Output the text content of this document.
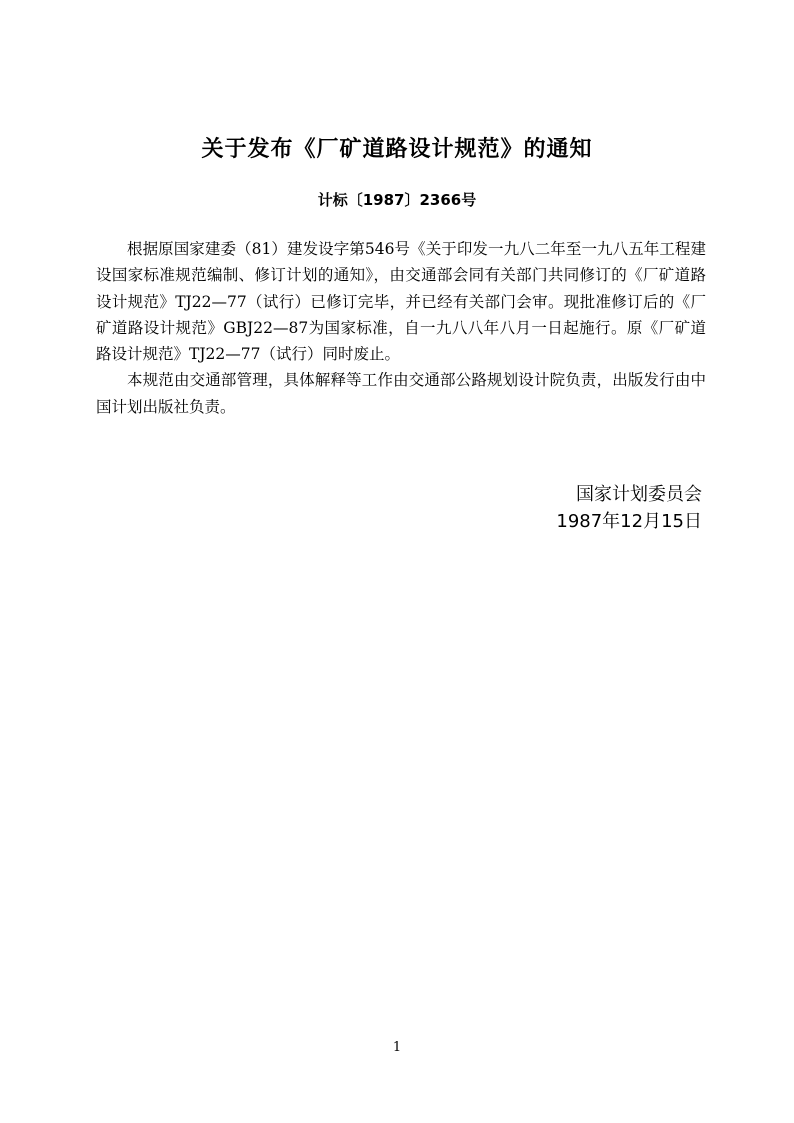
关于发布《厂矿道路设计规范》的通知
计标〔1987〕2366号

根据原国家建委（81）建发设字第546号《关于印发一九八二年至一九八五年工程建设国家标准规范编制、修订计划的通知》，由交通部会同有关部门共同修订的《厂矿道路设计规范》TJ22—77（试行）已修订完毕，并已经有关部门会审。现批准修订后的《厂矿道路设计规范》GBJ22—87为国家标准，自一九八八年八月一日起施行。原《厂矿道路设计规范》TJ22—77（试行）同时废止。

本规范由交通部管理，具体解释等工作由交通部公路规划设计院负责，出版发行由中国计划出版社负责。

国家计划委员会
1987年12月15日
1
